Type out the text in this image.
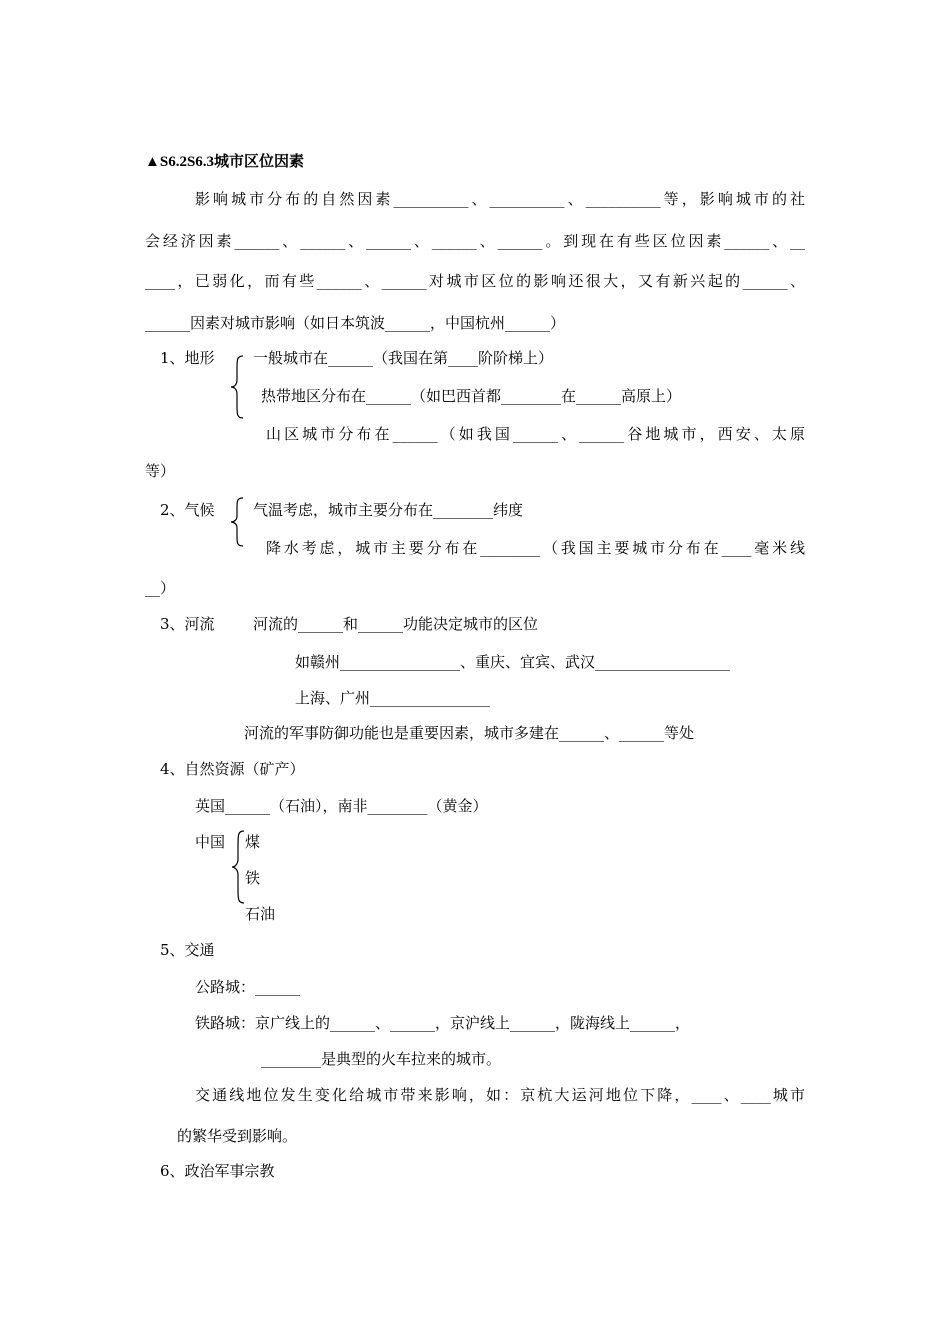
▲S6.2S6.3城市区位因素
影响城市分布的自然因素__________、__________、__________等，影响城市的社
会经济因素______、______、______、______、______。到现在有些区位因素______、__
____，已弱化，而有些______、______对城市区位的影响还很大，又有新兴起的______、
______因素对城市影响（如日本筑波______，中国杭州______）
1、地形	一般城市在______（我国在第____阶阶梯上）
热带地区分布在______（如巴西首都________在______高原上）
山区城市分布在______（如我国______、______谷地城市，西安、太原
等）
2、气候	气温考虑，城市主要分布在________纬度
降水考虑，城市主要分布在________（我国主要城市分布在____毫米线
__）
3、河流	河流的______和______功能决定城市的区位
如赣州________________、重庆、宜宾、武汉__________________
上海、广州________________
河流的军事防御功能也是重要因素，城市多建在______、______等处
4、自然资源（矿产）
英国______（石油），南非________（黄金）
中国 煤
铁
石油
5、交通
公路城：______
铁路城：京广线上的______、______，京沪线上______，陇海线上______，
________是典型的火车拉来的城市。
交通线地位发生变化给城市带来影响，如：京杭大运河地位下降，____、____城市
的繁华受到影响。
6、政治军事宗教
